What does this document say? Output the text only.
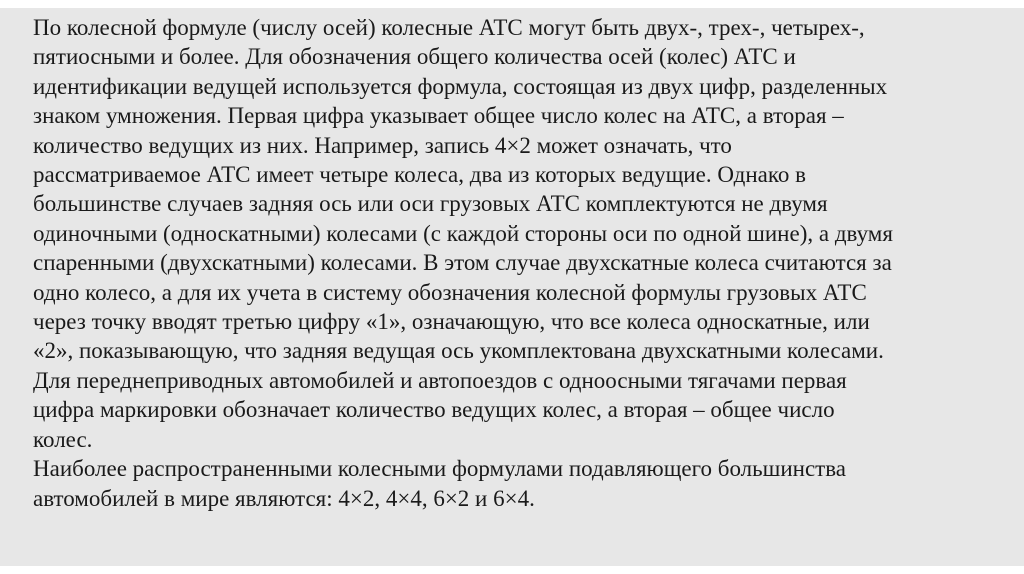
По колесной формуле (числу осей) колесные АТС могут быть двух-, трех-, четырех-,
пятиосными и более. Для обозначения общего количества осей (колес) АТС и
идентификации ведущей используется формула, состоящая из двух цифр, разделенных
знаком умножения. Первая цифра указывает общее число колес на АТС, а вторая –
количество ведущих из них. Например, запись 4×2 может означать, что
рассматриваемое АТС имеет четыре колеса, два из которых ведущие. Однако в
большинстве случаев задняя ось или оси грузовых АТС комплектуются не двумя
одиночными (односкатными) колесами (с каждой стороны оси по одной шине), а двумя
спаренными (двухскатными) колесами. В этом случае двухскатные колеса считаются за
одно колесо, а для их учета в систему обозначения колесной формулы грузовых АТС
через точку вводят третью цифру «1», означающую, что все колеса односкатные, или
«2», показывающую, что задняя ведущая ось укомплектована двухскатными колесами.
Для переднеприводных автомобилей и автопоездов с одноосными тягачами первая
цифра маркировки обозначает количество ведущих колес, а вторая – общее число
колес.

Наиболее распространенными колесными формулами подавляющего большинства
автомобилей в мире являются: 4×2, 4×4, 6×2 и 6×4.
